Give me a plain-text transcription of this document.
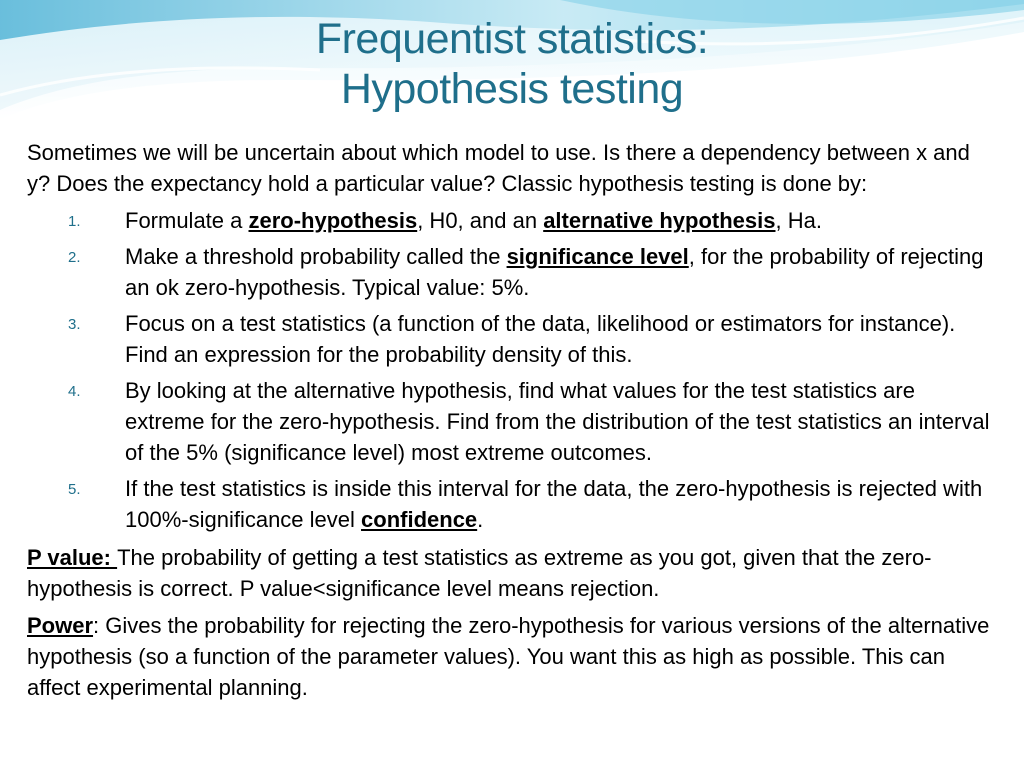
Frequentist statistics:
Hypothesis testing

Sometimes we will be uncertain about which model to use. Is there a dependency between x and y? Does the expectancy hold a particular value? Classic hypothesis testing is done by:

1. Formulate a zero-hypothesis, H0, and an alternative hypothesis, Ha.
2. Make a threshold probability called the significance level, for the probability of rejecting an ok zero-hypothesis. Typical value: 5%.
3. Focus on a test statistics (a function of the data, likelihood or estimators for instance). Find an expression for the probability density of this.
4. By looking at the alternative hypothesis, find what values for the test statistics are extreme for the zero-hypothesis. Find from the distribution of the test statistics an interval of the 5% (significance level) most extreme outcomes.
5. If the test statistics is inside this interval for the data, the zero-hypothesis is rejected with 100%-significance level confidence.

P value: The probability of getting a test statistics as extreme as you got, given that the zero-hypothesis is correct. P value<significance level means rejection.

Power: Gives the probability for rejecting the zero-hypothesis for various versions of the alternative hypothesis (so a function of the parameter values). You want this as high as possible. This can affect experimental planning.
